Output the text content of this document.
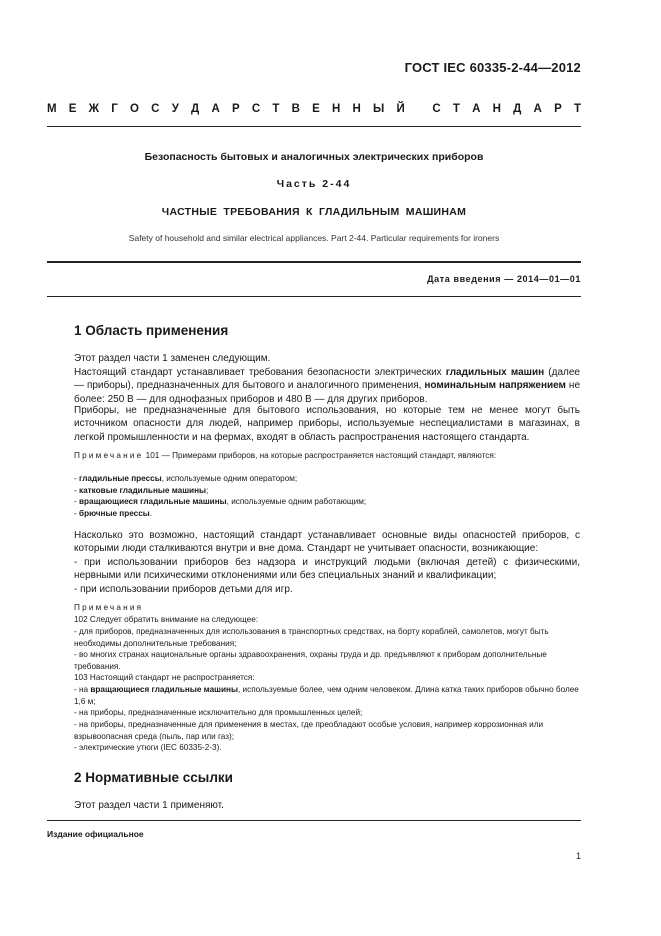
ГОСТ IEC 60335-2-44—2012
М Е Ж Г О С У Д А Р С Т В Е Н Н Ы Й
С Т А Н Д А Р Т
Безопасность бытовых и аналогичных электрических приборов
Часть 2-44
ЧАСТНЫЕ ТРЕБОВАНИЯ К ГЛАДИЛЬНЫМ МАШИНАМ
Safety of household and similar electrical appliances. Part 2-44. Particular requirements for ironers
Дата введения — 2014—01—01
1 Область применения
Этот раздел части 1 заменен следующим.
Настоящий стандарт устанавливает требования безопасности электрических гладильных машин (далее — приборы), предназначенных для бытового и аналогичного применения, номинальным напряжением не более: 250 В — для однофазных приборов и 480 В — для других приборов.
Приборы, не предназначенные для бытового использования, но которые тем не менее могут быть источником опасности для людей, например приборы, используемые неспециалистами в магазинах, в легкой промышленности и на фермах, входят в область распространения настоящего стандарта.
Примечание 101 — Примерами приборов, на которые распространяется настоящий стандарт, являются:
- гладильные прессы, используемые одним оператором;
- катковые гладильные машины;
- вращающиеся гладильные машины, используемые одним работающим;
- брючные прессы.
Насколько это возможно, настоящий стандарт устанавливает основные виды опасностей приборов, с которыми люди сталкиваются внутри и вне дома. Стандарт не учитывает опасности, возникающие:
- при использовании приборов без надзора и инструкций людьми (включая детей) с физическими, нервными или психическими отклонениями или без специальных знаний и квалификации;
- при использовании приборов детьми для игр.
Примечания
102 Следует обратить внимание на следующее:
- для приборов, предназначенных для использования в транспортных средствах, на борту кораблей, самолетов, могут быть необходимы дополнительные требования;
- во многих странах национальные органы здравоохранения, охраны труда и др. предъявляют к приборам дополнительные требования.
103 Настоящий стандарт не распространяется:
- на вращающиеся гладильные машины, используемые более, чем одним человеком. Длина катка таких приборов обычно более 1,6 м;
- на приборы, предназначенные исключительно для промышленных целей;
- на приборы, предназначенные для применения в местах, где преобладают особые условия, например коррозионная или взрывоопасная среда (пыль, пар или газ);
- электрические утюги (IEC 60335-2-3).
2 Нормативные ссылки
Этот раздел части 1 применяют.
Издание официальное
1
